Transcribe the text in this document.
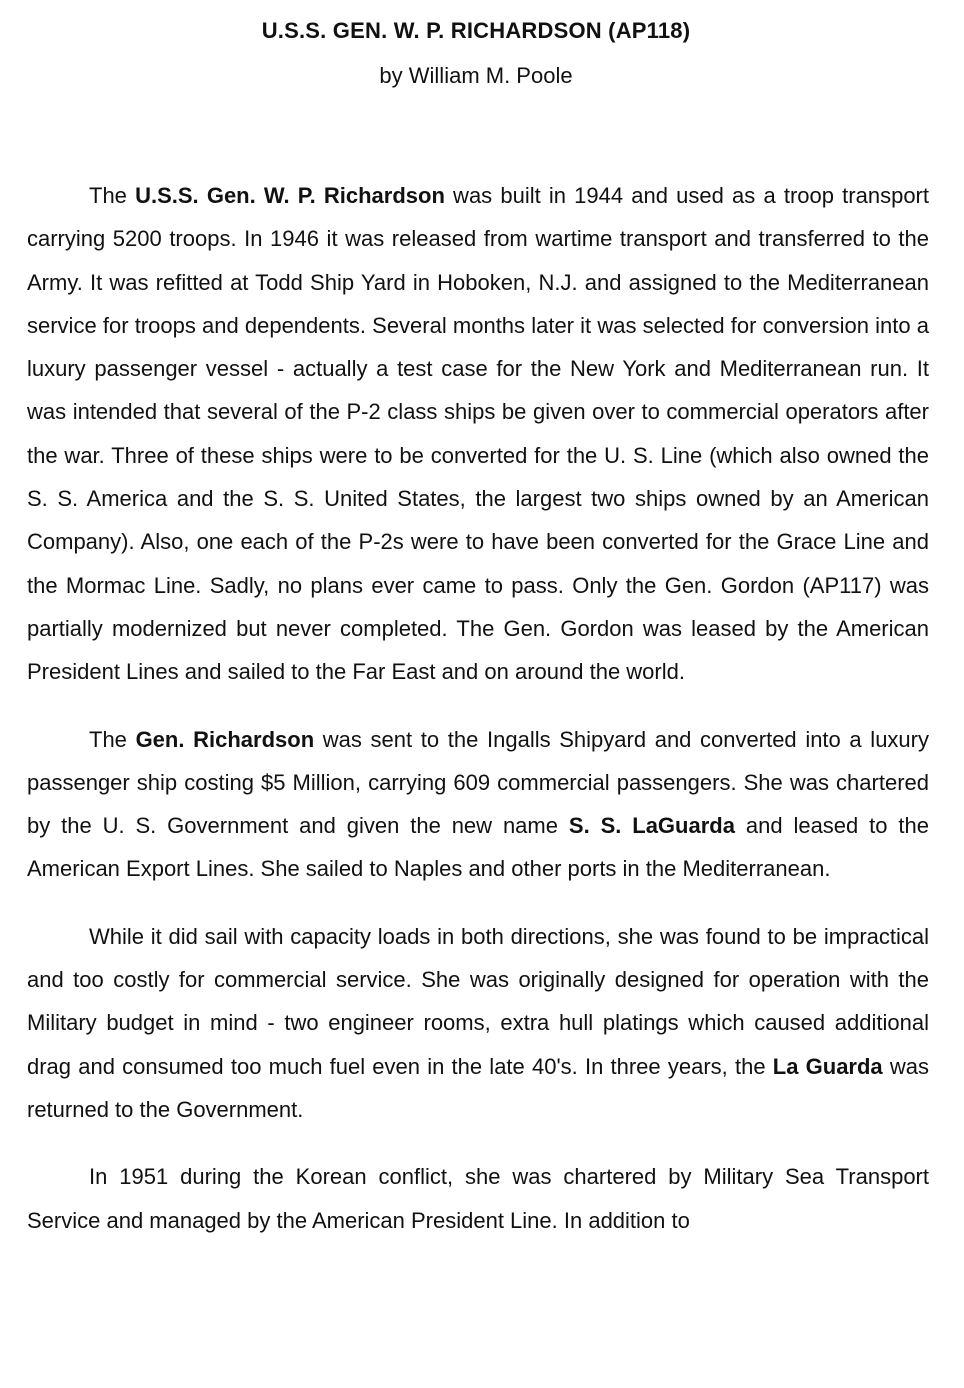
U.S.S. GEN. W. P. RICHARDSON (AP118)
by William M. Poole

The U.S.S. Gen. W. P. Richardson was built in 1944 and used as a troop transport carrying 5200 troops. In 1946 it was released from wartime transport and transferred to the Army. It was refitted at Todd Ship Yard in Hoboken, N.J. and assigned to the Mediterranean service for troops and dependents. Several months later it was selected for conversion into a luxury passenger vessel - actually a test case for the New York and Mediterranean run. It was intended that several of the P-2 class ships be given over to commercial operators after the war. Three of these ships were to be converted for the U. S. Line (which also owned the S. S. America and the S. S. United States, the largest two ships owned by an American Company). Also, one each of the P-2s were to have been converted for the Grace Line and the Mormac Line. Sadly, no plans ever came to pass. Only the Gen. Gordon (AP117) was partially modernized but never completed. The Gen. Gordon was leased by the American President Lines and sailed to the Far East and on around the world.

The Gen. Richardson was sent to the Ingalls Shipyard and converted into a luxury passenger ship costing $5 Million, carrying 609 commercial passengers. She was chartered by the U. S. Government and given the new name S. S. LaGuarda and leased to the American Export Lines. She sailed to Naples and other ports in the Mediterranean.

While it did sail with capacity loads in both directions, she was found to be impractical and too costly for commercial service. She was originally designed for operation with the Military budget in mind - two engineer rooms, extra hull platings which caused additional drag and consumed too much fuel even in the late 40's. In three years, the La Guarda was returned to the Government.

In 1951 during the Korean conflict, she was chartered by Military Sea Transport Service and managed by the American President Line. In addition to
